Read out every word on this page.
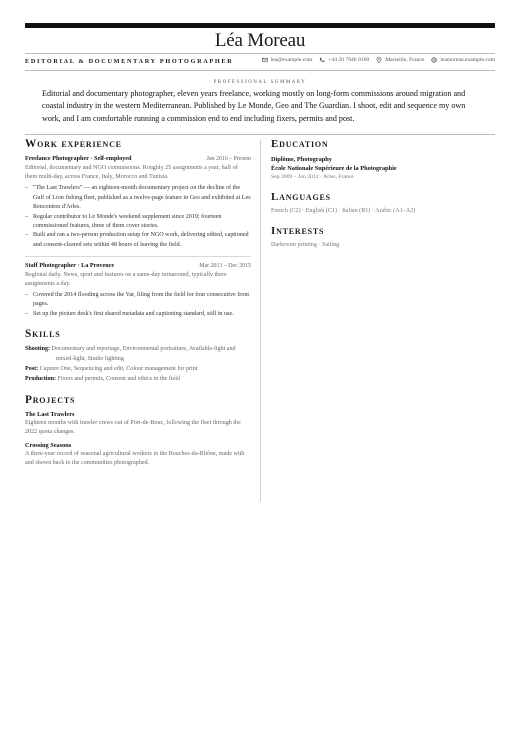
Léa Moreau
EDITORIAL & DOCUMENTARY PHOTOGRAPHER	lea@example.com	+44 20 7946 0160	Marseille, France	leamoreau.example.com
PROFESSIONAL SUMMARY
Editorial and documentary photographer, eleven years freelance, working mostly on long-form commissions around migration and coastal industry in the western Mediterranean. Published by Le Monde, Geo and The Guardian. I shoot, edit and sequence my own work, and I am comfortable running a commission end to end including fixers, permits and post.
Work experience
Freelance Photographer · Self-employed	Jan 2016 – Present
Editorial, documentary and NGO commissions. Roughly 25 assignments a year, half of them multi-day, across France, Italy, Morocco and Tunisia.
– "The Last Trawlers" — an eighteen-month documentary project on the decline of the Gulf of Lion fishing fleet, published as a twelve-page feature in Geo and exhibited at Les Rencontres d'Arles.
– Regular contributor to Le Monde's weekend supplement since 2019; fourteen commissioned features, three of them cover stories.
– Built and ran a two-person production setup for NGO work, delivering edited, captioned and consent-cleared sets within 48 hours of leaving the field.
Staff Photographer · La Provence	Mar 2013 – Dec 2015
Regional daily. News, sport and features on a same-day turnaround, typically three assignments a day.
– Covered the 2014 flooding across the Var, filing from the field for four consecutive front pages.
– Set up the picture desk's first shared metadata and captioning standard, still in use.
Skills
Shooting: Documentary and reportage, Environmental portraiture, Available-light and mixed-light, Studio lighting
Post: Capture One, Sequencing and edit, Colour management for print
Production: Fixers and permits, Consent and ethics in the field
Projects
The Last Trawlers
Eighteen months with trawler crews out of Port-de-Bouc, following the fleet through the 2022 quota changes.
Crossing Seasons
A three-year record of seasonal agricultural workers in the Bouches-du-Rhône, made with and shown back to the communities photographed.
Education
Diplôme, Photography
École Nationale Supérieure de la Photographie
Sep 2009 – Jun 2012 · Arles, France
Languages
French (C2) · English (C1) · Italian (B1) · Arabic (A1–A2)
Interests
Darkroom printing · Sailing
